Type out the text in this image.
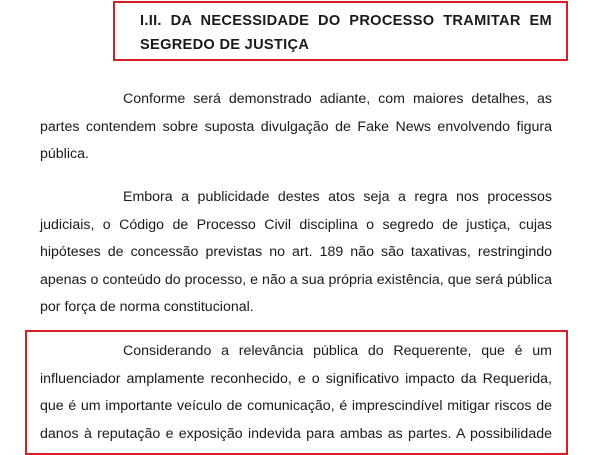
I.II. DA NECESSIDADE DO PROCESSO TRAMITAR EM
SEGREDO DE JUSTIÇA

Conforme será demonstrado adiante, com maiores detalhes, as
partes contendem sobre suposta divulgação de Fake News envolvendo figura
pública.

Embora a publicidade destes atos seja a regra nos processos
judiciais, o Código de Processo Civil disciplina o segredo de justiça, cujas
hipóteses de concessão previstas no art. 189 não são taxativas, restringindo
apenas o conteúdo do processo, e não a sua própria existência, que será pública
por força de norma constitucional.

Considerando a relevância pública do Requerente, que é um
influenciador amplamente reconhecido, e o significativo impacto da Requerida,
que é um importante veículo de comunicação, é imprescindível mitigar riscos de
danos à reputação e exposição indevida para ambas as partes. A possibilidade
